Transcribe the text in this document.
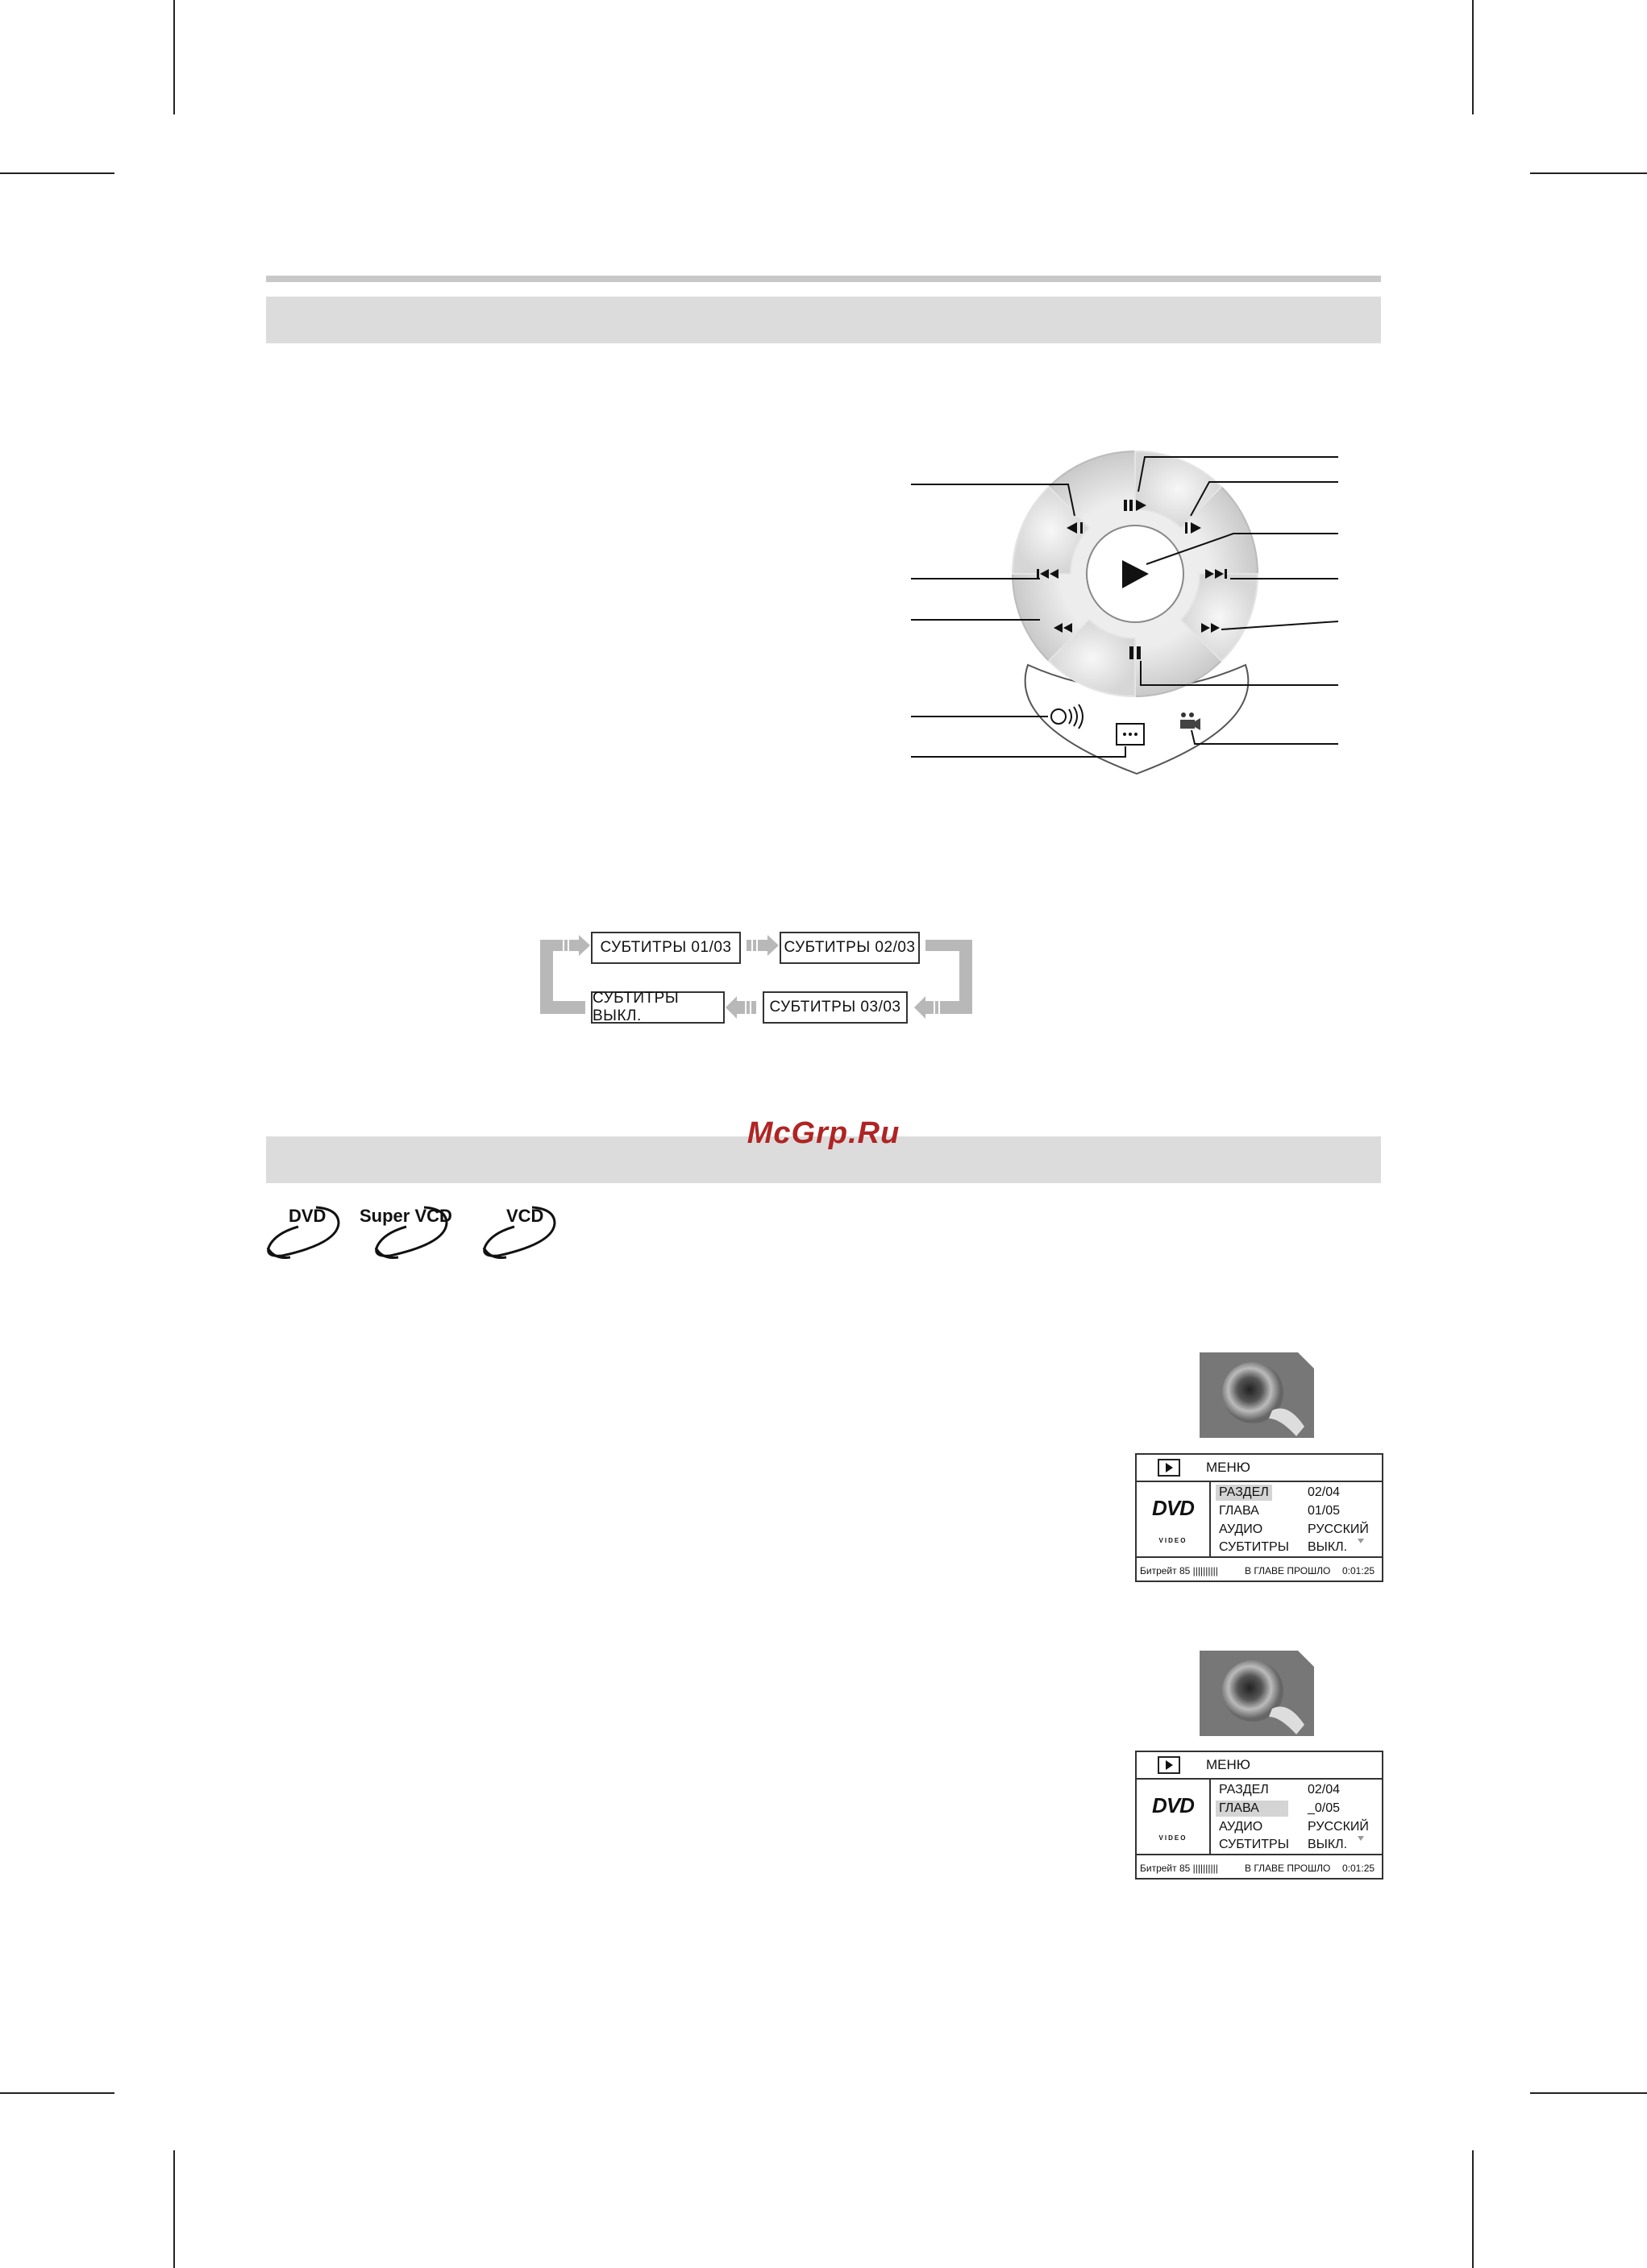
СУБТИТРЫ 01/03	СУБТИТРЫ 02/03
СУБТИТРЫ 03/03
СУБТИТРЫ ВЫКЛ.
McGrp.Ru
DVD Super VCD	VCD
МЕНЮ
DVD
VIDEO
РАЗДЕЛ	02/04
ГЛАВА	01/05
АУДИО	РУССКИЙ
СУБТИТРЫ ВЫКЛ.
Битрейт 85 ||||||||||	В ГЛАВЕ ПРОШЛО 0:01:25
МЕНЮ
DVD
VIDEO
РАЗДЕЛ	02/04
ГЛАВА	_0/05
АУДИО	РУССКИЙ
СУБТИТРЫ ВЫКЛ.
Битрейт 85 ||||||||||	В ГЛАВЕ ПРОШЛО 0:01:25
